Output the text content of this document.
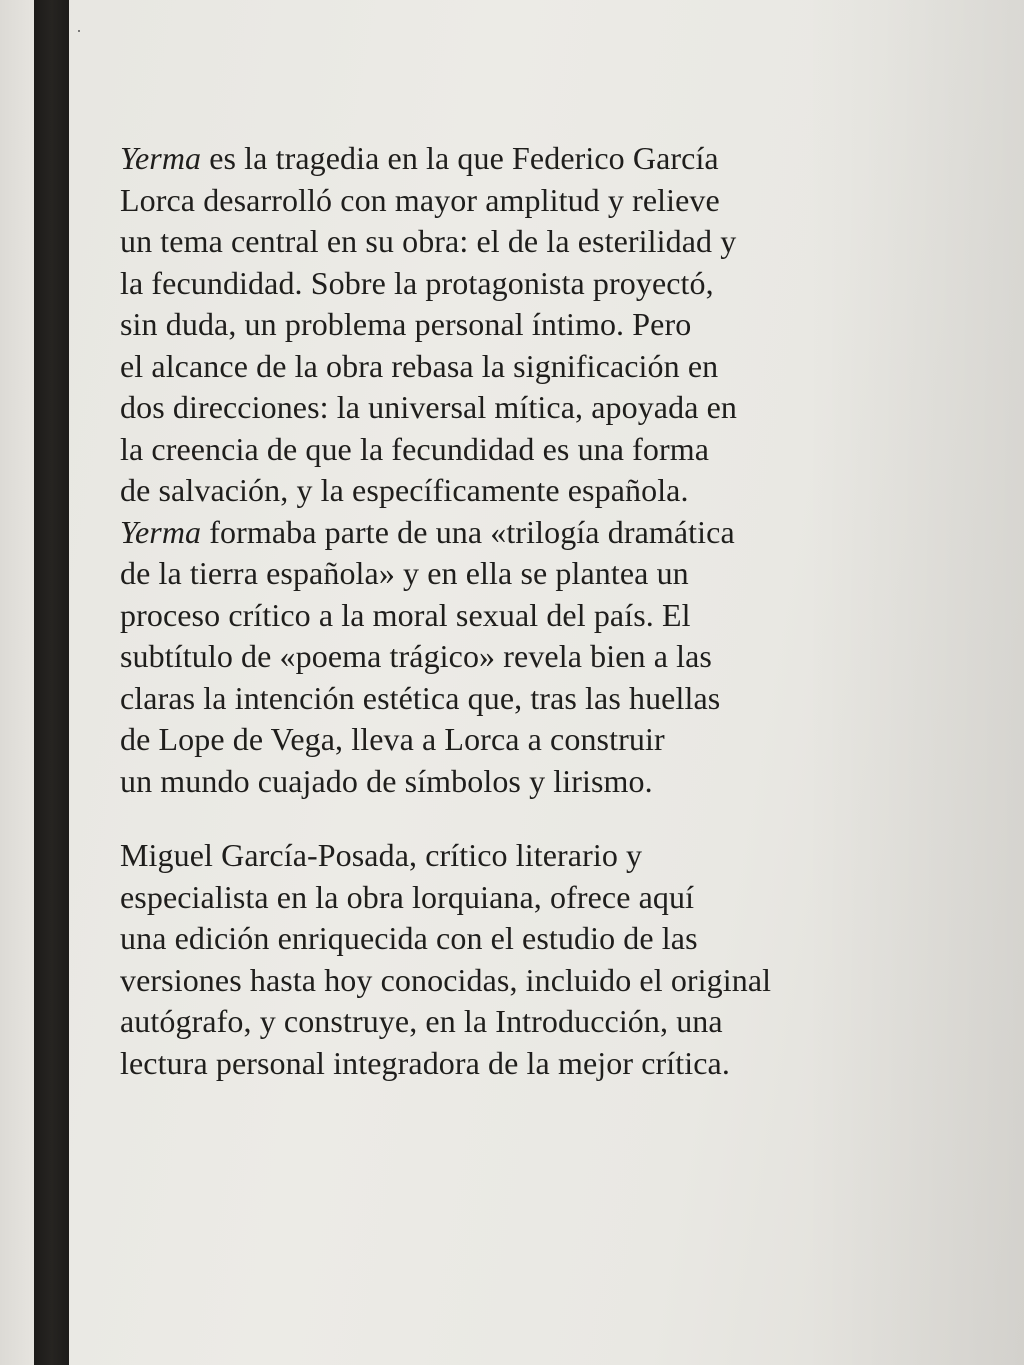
Yerma es la tragedia en la que Federico García
Lorca desarrolló con mayor amplitud y relieve
un tema central en su obra: el de la esterilidad y
la fecundidad. Sobre la protagonista proyectó,
sin duda, un problema personal íntimo. Pero
el alcance de la obra rebasa la significación en
dos direcciones: la universal mítica, apoyada en
la creencia de que la fecundidad es una forma
de salvación, y la específicamente española.
Yerma formaba parte de una «trilogía dramática
de la tierra española» y en ella se plantea un
proceso crítico a la moral sexual del país. El
subtítulo de «poema trágico» revela bien a las
claras la intención estética que, tras las huellas
de Lope de Vega, lleva a Lorca a construir
un mundo cuajado de símbolos y lirismo.
Miguel García-Posada, crítico literario y
especialista en la obra lorquiana, ofrece aquí
una edición enriquecida con el estudio de las
versiones hasta hoy conocidas, incluido el original
autógrafo, y construye, en la Introducción, una
lectura personal integradora de la mejor crítica.
